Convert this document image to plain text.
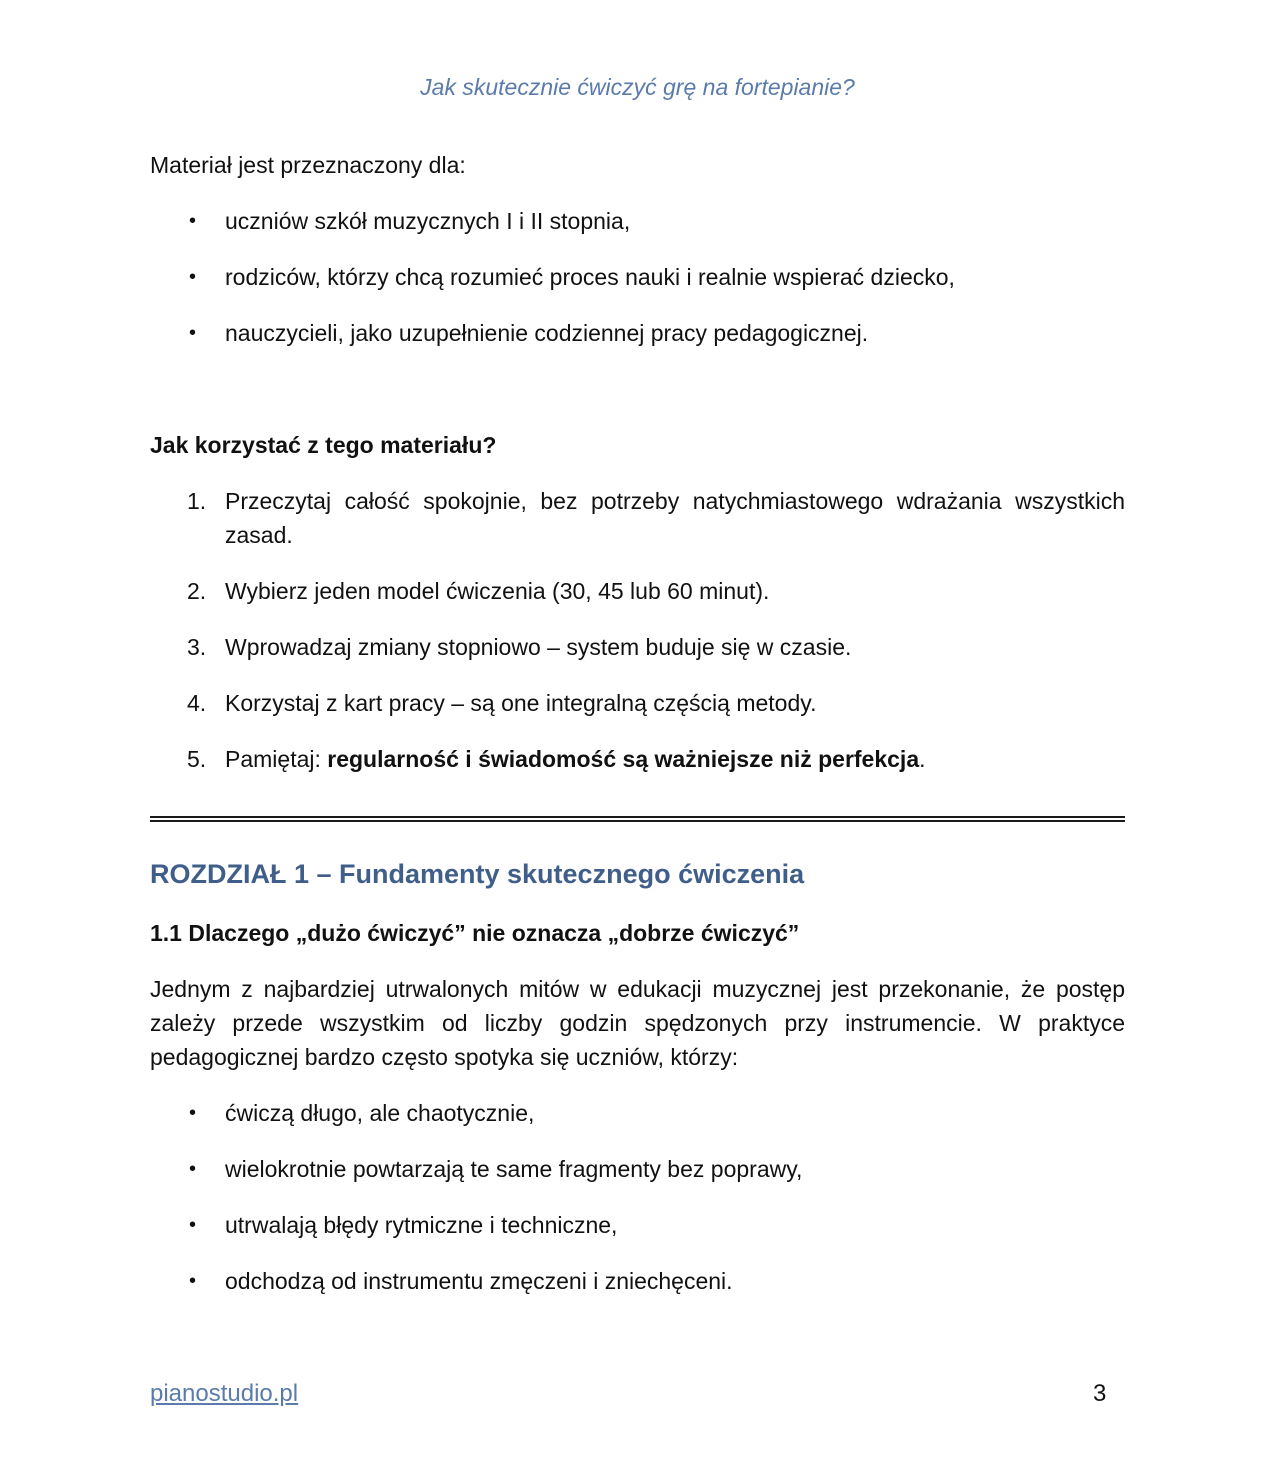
Jak skutecznie ćwiczyć grę na fortepianie?

Materiał jest przeznaczony dla:

• uczniów szkół muzycznych I i II stopnia,
• rodziców, którzy chcą rozumieć proces nauki i realnie wspierać dziecko,
• nauczycieli, jako uzupełnienie codziennej pracy pedagogicznej.

Jak korzystać z tego materiału?

1. Przeczytaj całość spokojnie, bez potrzeby natychmiastowego wdrażania wszystkich zasad.
2. Wybierz jeden model ćwiczenia (30, 45 lub 60 minut).
3. Wprowadzaj zmiany stopniowo – system buduje się w czasie.
4. Korzystaj z kart pracy – są one integralną częścią metody.
5. Pamiętaj: regularność i świadomość są ważniejsze niż perfekcja.
ROZDZIAŁ 1 – Fundamenty skutecznego ćwiczenia
1.1 Dlaczego „dużo ćwiczyć” nie oznacza „dobrze ćwiczyć”

Jednym z najbardziej utrwalonych mitów w edukacji muzycznej jest przekonanie, że postęp zależy przede wszystkim od liczby godzin spędzonych przy instrumencie. W praktyce pedagogicznej bardzo często spotyka się uczniów, którzy:

• ćwiczą długo, ale chaotycznie,
• wielokrotnie powtarzają te same fragmenty bez poprawy,
• utrwalają błędy rytmiczne i techniczne,
• odchodzą od instrumentu zmęczeni i zniechęceni.
pianostudio.pl	3
